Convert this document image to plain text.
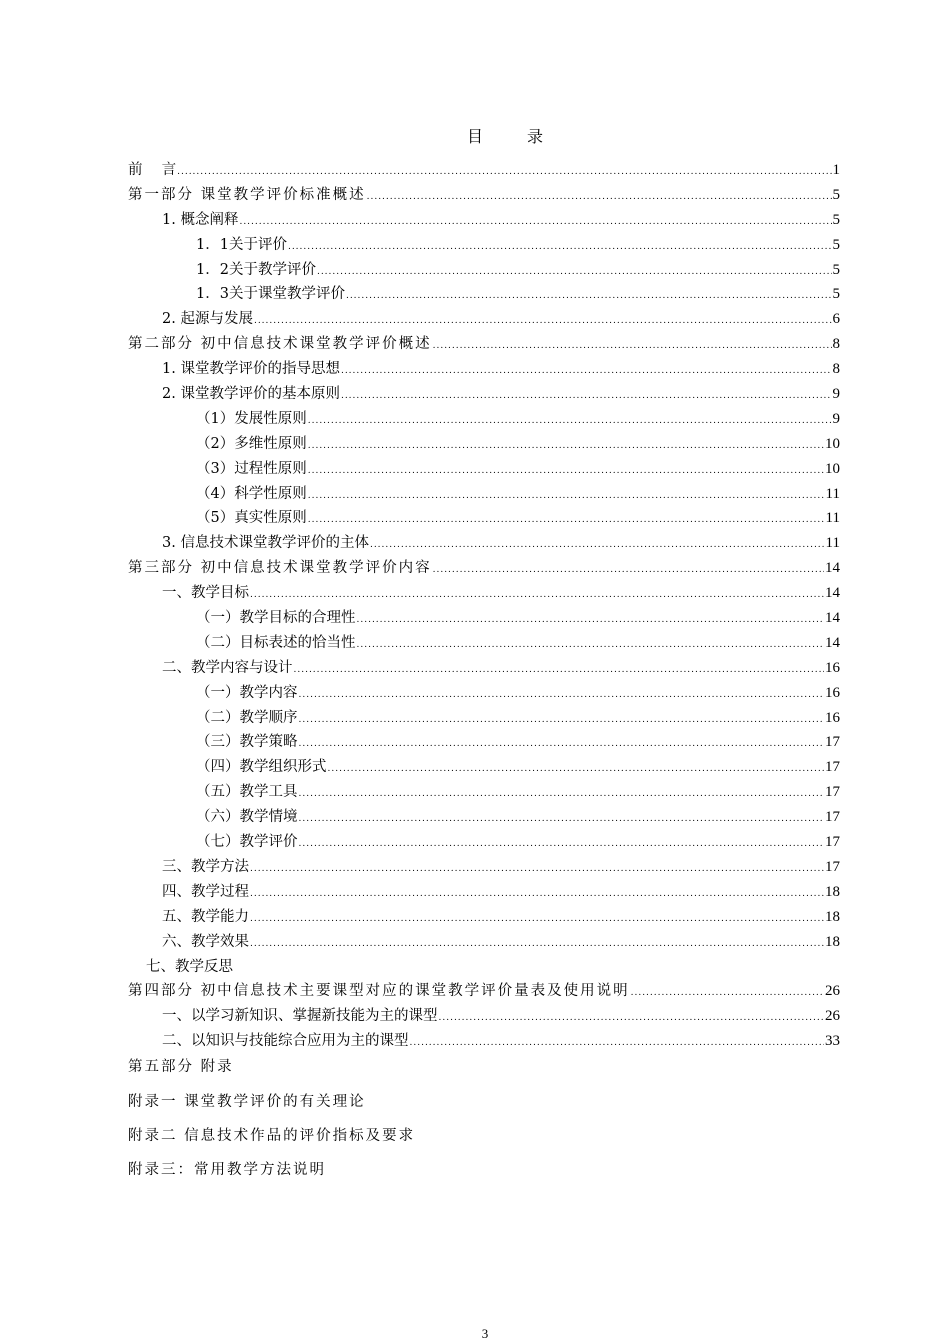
目	录
前　 言 .....	1
第一部分 课堂教学评价标准概述 .....	5
1. 概念阐释 .....	5
1．1关于评价 .....	5
1．2关于教学评价 .....	5
1．3关于课堂教学评价 .....	5
2. 起源与发展 .....	6
第二部分 初中信息技术课堂教学评价概述 .....	8
1. 课堂教学评价的指导思想 .....	8
2. 课堂教学评价的基本原则 .....	9
（1）发展性原则 .....	9
（2）多维性原则 .....	10
（3）过程性原则 .....	10
（4）科学性原则 .....	11
（5）真实性原则 .....	11
3. 信息技术课堂教学评价的主体 .....	11
第三部分 初中信息技术课堂教学评价内容 .....	14
一、教学目标 .....	14
（一）教学目标的合理性 .....	14
（二）目标表述的恰当性 .....	14
二、教学内容与设计 .....	16
（一）教学内容 .....	16
（二）教学顺序 .....	16
（三）教学策略 .....	17
（四）教学组织形式 .....	17
（五）教学工具 .....	17
（六）教学情境 .....	17
（七）教学评价 .....	17
三、教学方法 .....	17
四、教学过程 .....	18
五、教学能力 .....	18
六、教学效果 .....	18
七、教学反思
第四部分 初中信息技术主要课型对应的课堂教学评价量表及使用说明 .....	26
一、以学习新知识、掌握新技能为主的课型 .....	26
二、以知识与技能综合应用为主的课型 .....	33
第五部分 附录
附录一 课堂教学评价的有关理论
附录二 信息技术作品的评价指标及要求
附录三：常用教学方法说明
3
